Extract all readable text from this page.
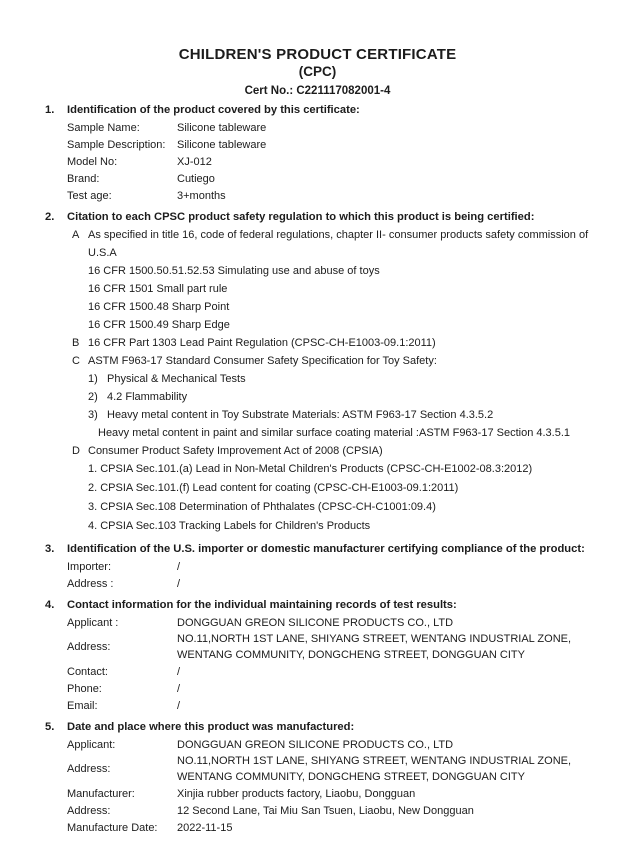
CHILDREN'S PRODUCT CERTIFICATE
(CPC)
Cert No.: C221117082001-4
1.	Identification of the product covered by this certificate:
Sample Name:	Silicone tableware
Sample Description:	Silicone tableware
Model No:	XJ-012
Brand:	Cutiego
Test age:	3+months
2.	Citation to each CPSC product safety regulation to which this product is being certified:
A As specified in title 16, code of federal regulations, chapter II- consumer products safety commission of U.S.A
16 CFR 1500.50.51.52.53 Simulating use and abuse of toys
16 CFR 1501 Small part rule
16 CFR 1500.48 Sharp Point
16 CFR 1500.49 Sharp Edge
B 16 CFR Part 1303 Lead Paint Regulation (CPSC-CH-E1003-09.1:2011)
C ASTM F963-17 Standard Consumer Safety Specification for Toy Safety:
1) Physical & Mechanical Tests
2) 4.2 Flammability
3) Heavy metal content in Toy Substrate Materials: ASTM F963-17 Section 4.3.5.2
Heavy metal content in paint and similar surface coating material :ASTM F963-17 Section 4.3.5.1
D Consumer Product Safety Improvement Act of 2008 (CPSIA)
1. CPSIA Sec.101.(a) Lead in Non-Metal Children's Products (CPSC-CH-E1002-08.3:2012)
2. CPSIA Sec.101.(f) Lead content for coating (CPSC-CH-E1003-09.1:2011)
3. CPSIA Sec.108 Determination of Phthalates (CPSC-CH-C1001:09.4)
4. CPSIA Sec.103 Tracking Labels for Children's Products
3.	Identification of the U.S. importer or domestic manufacturer certifying compliance of the product:
Importer:	/
Address :	/
4.	Contact information for the individual maintaining records of test results:
Applicant :	DONGGUAN GREON SILICONE PRODUCTS CO., LTD
Address:
NO.11,NORTH 1ST LANE, SHIYANG STREET, WENTANG INDUSTRIAL ZONE, WENTANG COMMUNITY, DONGCHENG STREET, DONGGUAN CITY
Contact:	/
Phone:	/
Email:	/
5.	Date and place where this product was manufactured:
Applicant:	DONGGUAN GREON SILICONE PRODUCTS CO., LTD
Address:
NO.11,NORTH 1ST LANE, SHIYANG STREET, WENTANG INDUSTRIAL ZONE, WENTANG COMMUNITY, DONGCHENG STREET, DONGGUAN CITY
Manufacturer:	Xinjia rubber products factory, Liaobu, Dongguan
Address:	12 Second Lane, Tai Miu San Tsuen, Liaobu, New Dongguan
Manufacture Date:	2022-11-15
